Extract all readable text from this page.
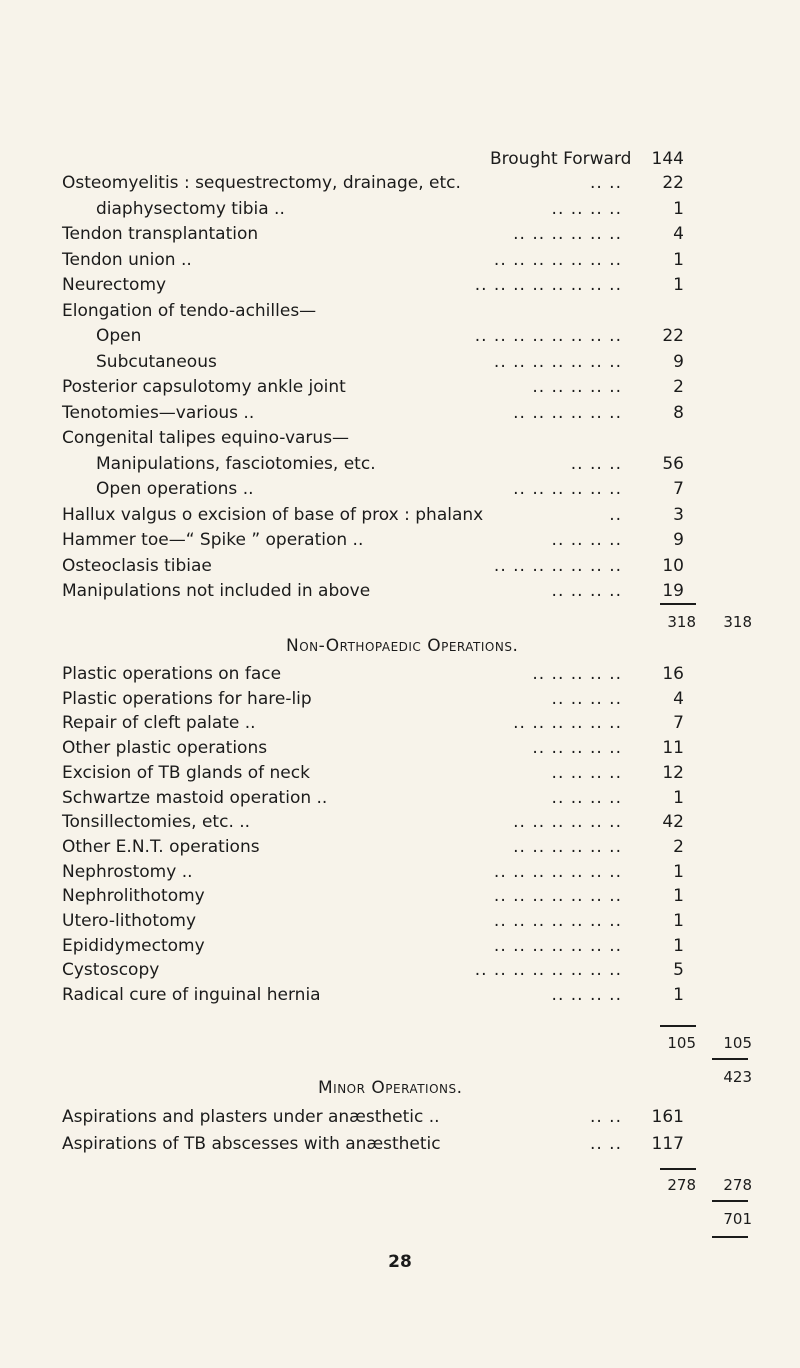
Brought Forward	144
Osteomyelitis : sequestrectomy, drainage, etc.	.. ..	22
diaphysectomy tibia ..	.. .. .. ..	1
Tendon transplantation	.. .. .. .. .. ..	4
Tendon union ..	.. .. .. .. .. .. ..	1
Neurectomy	.. .. .. .. .. .. .. ..	1
Elongation of tendo-achilles—
Open	.. .. .. .. .. .. .. ..	22
Subcutaneous	.. .. .. .. .. .. ..	9
Posterior capsulotomy ankle joint	.. .. .. .. ..	2
Tenotomies—various ..	.. .. .. .. .. ..	8
Congenital talipes equino-varus—
Manipulations, fasciotomies, etc.	.. .. ..	56
Open operations ..	.. .. .. .. .. ..	7
Hallux valgus o excision of base of prox : phalanx	..	3
Hammer toe—“ Spike ” operation ..	.. .. .. ..	9
Osteoclasis tibiae	.. .. .. .. .. .. ..	10
Manipulations not included in above	.. .. .. ..	19
318	318
Non-Orthopaedic Operations.
Plastic operations on face	.. .. .. .. ..	16
Plastic operations for hare-lip	.. .. .. ..	4
Repair of cleft palate ..	.. .. .. .. .. ..	7
Other plastic operations	.. .. .. .. ..	11
Excision of TB glands of neck	.. .. .. ..	12
Schwartze mastoid operation ..	.. .. .. ..	1
Tonsillectomies, etc. ..	.. .. .. .. .. ..	42
Other E.N.T. operations	.. .. .. .. .. ..	2
Nephrostomy ..	.. .. .. .. .. .. ..	1
Nephrolithotomy	.. .. .. .. .. .. ..	1
Utero-lithotomy	.. .. .. .. .. .. ..	1
Epididymectomy	.. .. .. .. .. .. ..	1
Cystoscopy	.. .. .. .. .. .. .. ..	5
Radical cure of inguinal hernia	.. .. .. ..	1
105	105
423
Minor Operations.
Aspirations and plasters under anæsthetic ..	.. ..	161
Aspirations of TB abscesses with anæsthetic	.. ..	117
278	278
701
28
